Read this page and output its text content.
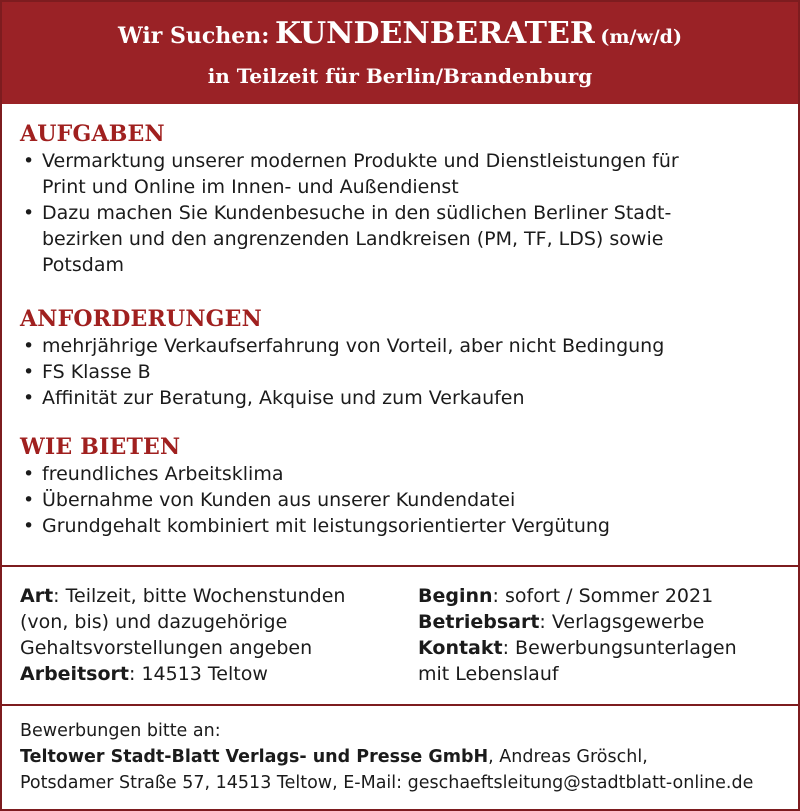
Wir Suchen: KUNDENBERATER (m/w/d)
in Teilzeit für Berlin/Brandenburg
AUFGABEN
• Vermarktung unserer modernen Produkte und Dienstleistungen für
Print und Online im Innen- und Außendienst
• Dazu machen Sie Kundenbesuche in den südlichen Berliner Stadt-
bezirken und den angrenzenden Landkreisen (PM, TF, LDS) sowie
Potsdam
ANFORDERUNGEN
• mehrjährige Verkaufserfahrung von Vorteil, aber nicht Bedingung
• FS Klasse B
• Affinität zur Beratung, Akquise und zum Verkaufen
WIE BIETEN
• freundliches Arbeitsklima
• Übernahme von Kunden aus unserer Kundendatei
• Grundgehalt kombiniert mit leistungsorientierter Vergütung
Art: Teilzeit, bitte Wochenstunden
(von, bis) und dazugehörige
Gehaltsvorstellungen angeben
Arbeitsort: 14513 Teltow
Beginn: sofort / Sommer 2021
Betriebsart: Verlagsgewerbe
Kontakt: Bewerbungsunterlagen
mit Lebenslauf
Bewerbungen bitte an:
Teltower Stadt-Blatt Verlags- und Presse GmbH, Andreas Gröschl,
Potsdamer Straße 57, 14513 Teltow, E-Mail: geschaeftsleitung@stadtblatt-online.de
